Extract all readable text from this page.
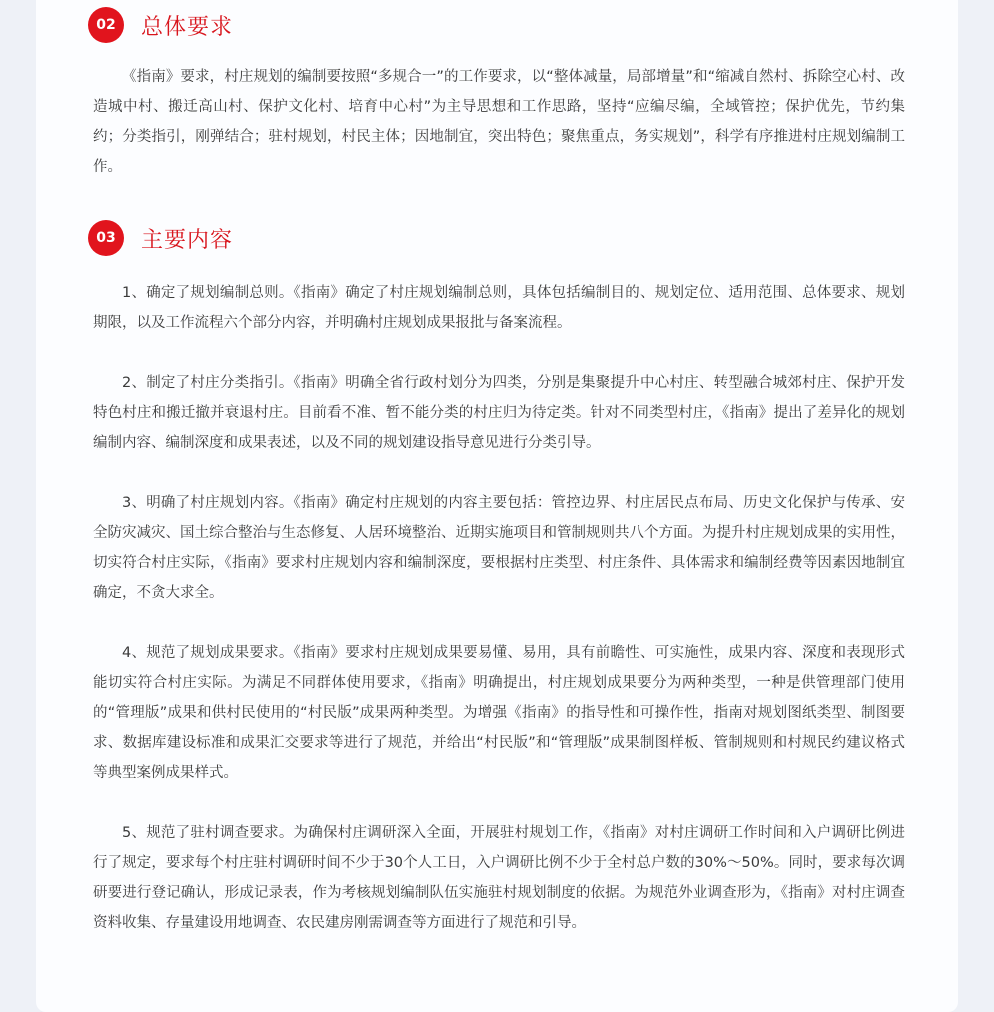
02	总体要求

《指南》要求，村庄规划的编制要按照“多规合一”的工作要求，以“整体减量，局部增量”和“缩减自然村、拆除空心村、改造城中村、搬迁高山村、保护文化村、培育中心村”为主导思想和工作思路，坚持“应编尽编，全域管控；保护优先，节约集约；分类指引，刚弹结合；驻村规划，村民主体；因地制宜，突出特色；聚焦重点，务实规划”，科学有序推进村庄规划编制工作。

03	主要内容

1、确定了规划编制总则。《指南》确定了村庄规划编制总则，具体包括编制目的、规划定位、适用范围、总体要求、规划期限，以及工作流程六个部分内容，并明确村庄规划成果报批与备案流程。

2、制定了村庄分类指引。《指南》明确全省行政村划分为四类，分别是集聚提升中心村庄、转型融合城郊村庄、保护开发特色村庄和搬迁撤并衰退村庄。目前看不准、暂不能分类的村庄归为待定类。针对不同类型村庄，《指南》提出了差异化的规划编制内容、编制深度和成果表述，以及不同的规划建设指导意见进行分类引导。

3、明确了村庄规划内容。《指南》确定村庄规划的内容主要包括：管控边界、村庄居民点布局、历史文化保护与传承、安全防灾减灾、国土综合整治与生态修复、人居环境整治、近期实施项目和管制规则共八个方面。为提升村庄规划成果的实用性，切实符合村庄实际，《指南》要求村庄规划内容和编制深度，要根据村庄类型、村庄条件、具体需求和编制经费等因素因地制宜确定，不贪大求全。

4、规范了规划成果要求。《指南》要求村庄规划成果要易懂、易用，具有前瞻性、可实施性，成果内容、深度和表现形式能切实符合村庄实际。为满足不同群体使用要求，《指南》明确提出，村庄规划成果要分为两种类型，一种是供管理部门使用的“管理版”成果和供村民使用的“村民版”成果两种类型。为增强《指南》的指导性和可操作性，指南对规划图纸类型、制图要求、数据库建设标准和成果汇交要求等进行了规范，并给出“村民版”和“管理版”成果制图样板、管制规则和村规民约建议格式等典型案例成果样式。

5、规范了驻村调查要求。为确保村庄调研深入全面，开展驻村规划工作，《指南》对村庄调研工作时间和入户调研比例进行了规定，要求每个村庄驻村调研时间不少于30个人工日，入户调研比例不少于全村总户数的30%～50%。同时，要求每次调研要进行登记确认，形成记录表，作为考核规划编制队伍实施驻村规划制度的依据。为规范外业调查形为，《指南》对村庄调查资料收集、存量建设用地调查、农民建房刚需调查等方面进行了规范和引导。
